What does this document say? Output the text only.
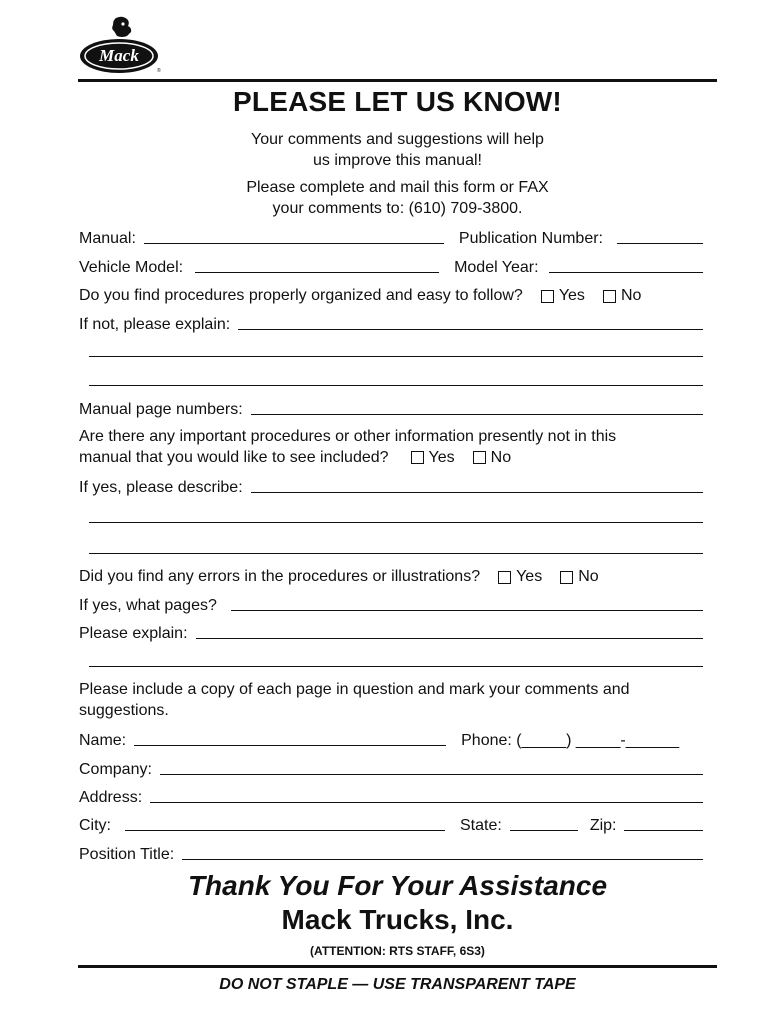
Mack
®
PLEASE LET US KNOW!
Your comments and suggestions will help
us improve this manual!
Please complete and mail this form or FAX
your comments to: (610) 709-3800.
Manual:	Publication Number:
Vehicle Model:	Model Year:
Do you find procedures properly organized and easy to follow? Yes No
If not, please explain:
Manual page numbers:
Are there any important procedures or other information presently not in this
manual that you would like to see included?	Yes No
If yes, please describe:
Did you find any errors in the procedures or illustrations? Yes No
If yes, what pages?
Please explain:
Please include a copy of each page in question and mark your comments and
suggestions.
Name:	Phone: (_____) _____-______
Company:
Address:
City:	State:	Zip:
Position Title:
Thank You For Your Assistance
Mack Trucks, Inc.
(ATTENTION: RTS STAFF, 6S3)
DO NOT STAPLE — USE TRANSPARENT TAPE
